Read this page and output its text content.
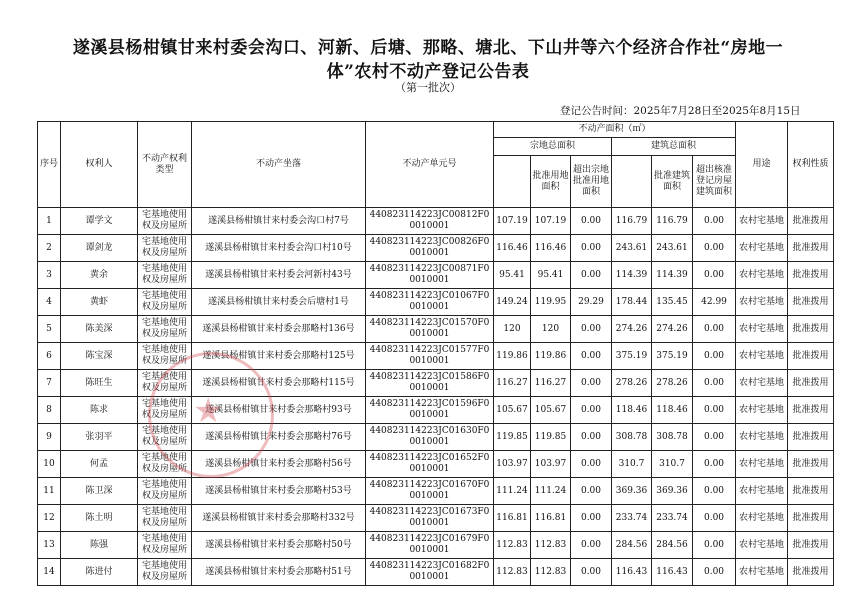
遂溪县杨柑镇甘来村委会沟口、河新、后塘、那略、塘北、下山井等六个经济合作社“房地一
体”农村不动产登记公告表
（第一批次）
登记公告时间：2025年7月28日至2025年8月15日
序号	权利人	不动产权利类型	不动产坐落	不动产单元号	不动产面积（㎡）						用途	权利性质
					宗地总面积			建筑总面积				
						批准用地面积	超出宗地批准用地面积		批准建筑面积	超出核准登记房屋建筑面积		
1	谭学文	宅基地使用权及房屋所	遂溪县杨柑镇甘来村委会沟口村7号	440823114223JC00812F00010001	107.19	107.19	0.00	116.79	116.79	0.00	农村宅基地	批准拨用
2	谭剑龙	宅基地使用权及房屋所	遂溪县杨柑镇甘来村委会沟口村10号	440823114223JC00826F00010001	116.46	116.46	0.00	243.61	243.61	0.00	农村宅基地	批准拨用
3	黄余	宅基地使用权及房屋所	遂溪县杨柑镇甘来村委会河新村43号	440823114223JC00871F00010001	95.41	95.41	0.00	114.39	114.39	0.00	农村宅基地	批准拨用
4	黄虾	宅基地使用权及房屋所	遂溪县杨柑镇甘来村委会后塘村1号	440823114223JC01067F00010001	149.24	119.95	29.29	178.44	135.45	42.99	农村宅基地	批准拨用
5	陈美深	宅基地使用权及房屋所	遂溪县杨柑镇甘来村委会那略村136号	440823114223JC01570F00010001	120	120	0.00	274.26	274.26	0.00	农村宅基地	批准拨用
6	陈宝深	宅基地使用权及房屋所	遂溪县杨柑镇甘来村委会那略村125号	440823114223JC01577F00010001	119.86	119.86	0.00	375.19	375.19	0.00	农村宅基地	批准拨用
7	陈旺生	宅基地使用权及房屋所	遂溪县杨柑镇甘来村委会那略村115号	440823114223JC01586F00010001	116.27	116.27	0.00	278.26	278.26	0.00	农村宅基地	批准拨用
8	陈求	宅基地使用权及房屋所	遂溪县杨柑镇甘来村委会那略村93号	440823114223JC01596F00010001	105.67	105.67	0.00	118.46	118.46	0.00	农村宅基地	批准拨用
9	张羽平	宅基地使用权及房屋所	遂溪县杨柑镇甘来村委会那略村76号	440823114223JC01630F00010001	119.85	119.85	0.00	308.78	308.78	0.00	农村宅基地	批准拨用
10	何孟	宅基地使用权及房屋所	遂溪县杨柑镇甘来村委会那略村56号	440823114223JC01652F00010001	103.97	103.97	0.00	310.7	310.7	0.00	农村宅基地	批准拨用
11	陈卫深	宅基地使用权及房屋所	遂溪县杨柑镇甘来村委会那略村53号	440823114223JC01670F00010001	111.24	111.24	0.00	369.36	369.36	0.00	农村宅基地	批准拨用
12	陈土明	宅基地使用权及房屋所	遂溪县杨柑镇甘来村委会那略村332号	440823114223JC01673F00010001	116.81	116.81	0.00	233.74	233.74	0.00	农村宅基地	批准拨用
13	陈强	宅基地使用权及房屋所	遂溪县杨柑镇甘来村委会那略村50号	440823114223JC01679F00010001	112.83	112.83	0.00	284.56	284.56	0.00	农村宅基地	批准拨用
14	陈进付	宅基地使用权及房屋所	遂溪县杨柑镇甘来村委会那略村51号	440823114223JC01682F00010001	112.83	112.83	0.00	116.43	116.43	0.00	农村宅基地	批准拨用
★
